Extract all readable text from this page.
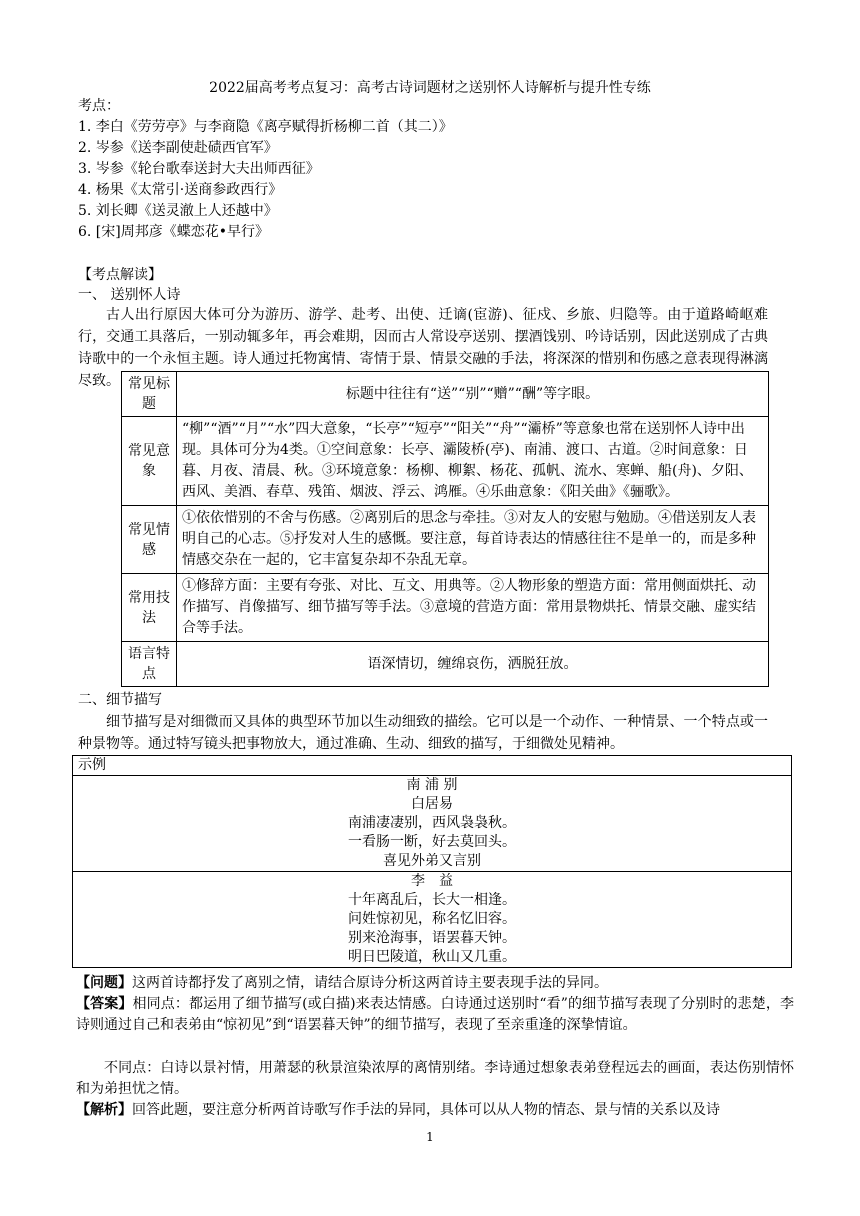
2022届高考考点复习：高考古诗词题材之送别怀人诗解析与提升性专练
考点：
1. 李白《劳劳亭》与李商隐《离亭赋得折杨柳二首（其二）》
2. 岑参《送李副使赴碛西官军》
3. 岑参《轮台歌奉送封大夫出师西征》
4. 杨果《太常引·送商参政西行》
5. 刘长卿《送灵澈上人还越中》
6. [宋]周邦彦《蝶恋花•早行》
【考点解读】
一、 送别怀人诗
古人出行原因大体可分为游历、游学、赴考、出使、迁谪(宦游)、征戍、乡旅、归隐等。由于道路崎岖难行，交通工具落后，一别动辄多年，再会难期，因而古人常设亭送别、摆酒饯别、吟诗话别，因此送别成了古典诗歌中的一个永恒主题。诗人通过托物寓情、寄情于景、情景交融的手法，将深深的惜别和伤感之意表现得淋漓尽致。 常见标题	标题中往往有“送”“别”“赠”“酬”等字眼。
常见意象	“柳”“酒”“月”“水”四大意象，“长亭”“短亭”“阳关”“舟”“灞桥”等意象也常在送别怀人诗中出现。具体可分为4类。①空间意象：长亭、灞陵桥(亭)、南浦、渡口、古道。②时间意象：日暮、月夜、清晨、秋。③环境意象：杨柳、柳絮、杨花、孤帆、流水、寒蝉、船(舟)、夕阳、西风、美酒、春草、残笛、烟波、浮云、鸿雁。④乐曲意象：《阳关曲》《骊歌》。
常见情感	①依依惜别的不舍与伤感。②离别后的思念与牵挂。③对友人的安慰与勉励。④借送别友人表明自己的心志。⑤抒发对人生的感慨。要注意，每首诗表达的情感往往不是单一的，而是多种情感交杂在一起的，它丰富复杂却不杂乱无章。
常用技法	①修辞方面：主要有夸张、对比、互文、用典等。②人物形象的塑造方面：常用侧面烘托、动作描写、肖像描写、细节描写等手法。③意境的营造方面：常用景物烘托、情景交融、虚实结合等手法。
语言特点	语深情切，缠绵哀伤，洒脱狂放。
二、细节描写
细节描写是对细微而又具体的典型环节加以生动细致的描绘。它可以是一个动作、一种情景、一个特点或一种景物等。通过特写镜头把事物放大，通过准确、生动、细致的描写，于细微处见精神。
示例

南 浦 别
白居易
南浦凄凄别，西风袅袅秋。
一看肠一断，好去莫回头。
喜见外弟又言别

李　益
十年离乱后，长大一相逢。
问姓惊初见，称名忆旧容。
别来沧海事，语罢暮天钟。
明日巴陵道，秋山又几重。
【问题】这两首诗都抒发了离别之情，请结合原诗分析这两首诗主要表现手法的异同。
【答案】相同点：都运用了细节描写(或白描)来表达情感。白诗通过送别时“看”的细节描写表现了分别时的悲楚，李诗则通过自己和表弟由“惊初见”到“语罢暮天钟”的细节描写，表现了至亲重逢的深挚情谊。
不同点：白诗以景衬情，用萧瑟的秋景渲染浓厚的离情别绪。李诗通过想象表弟登程远去的画面，表达伤别情怀和为弟担忧之情。
【解析】回答此题，要注意分析两首诗歌写作手法的异同，具体可以从人物的情态、景与情的关系以及诗
1
